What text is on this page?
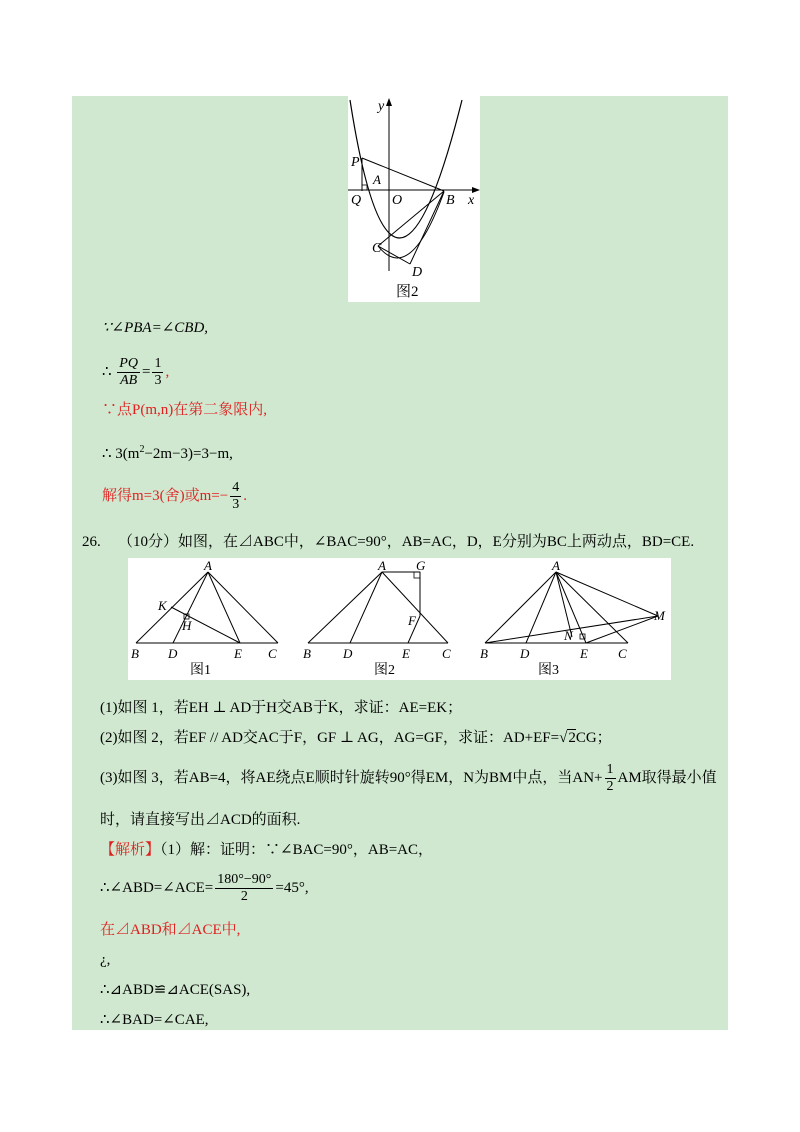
y
x
P
A
Q O	B
C
D
图2
∵∠PBA=∠CBD,
∴ $\frac{PQ}{AB} = \frac{1}{3}$ ,
∵点P(m,n)在第二象限内,
∴ $3(m^2-2m-3)=3-m$,
解得m=3(舍)或$m=- \frac{4}{3}$ .
26. （10分）如图，在⊿ABC中，∠BAC=90°，AB=AC，D，E分别为BC上两动点，BD=CE.
A
K
H
B D	E C
图1
A G
F
B D	E C
图2
A
M
N
B D	E C
图3
(1)如图 1，若EH ⊥ AD于H交AB于K，求证：AE=EK；
(2)如图 2，若EF // AD交AC于F，GF ⊥ AG，AG=GF，求证：AD+EF=√2CG；
(3)如图 3，若AB=4，将AE绕点E顺时针旋转90°得EM，N为BM中点，当$AN+ \frac{1}{2}$ AM取得最小值
时，请直接写出⊿ACD的面积.
【解析】（1）解：证明：∵∠BAC=90°，AB=AC，
∴∠ABD=∠ACE= $\frac{180^\circ-90^\circ}{2} =45^\circ$,
在⊿ABD和⊿ACE中,
¿,
∴⊿ABD≌⊿ACE(SAS),
∴∠BAD=∠CAE,
